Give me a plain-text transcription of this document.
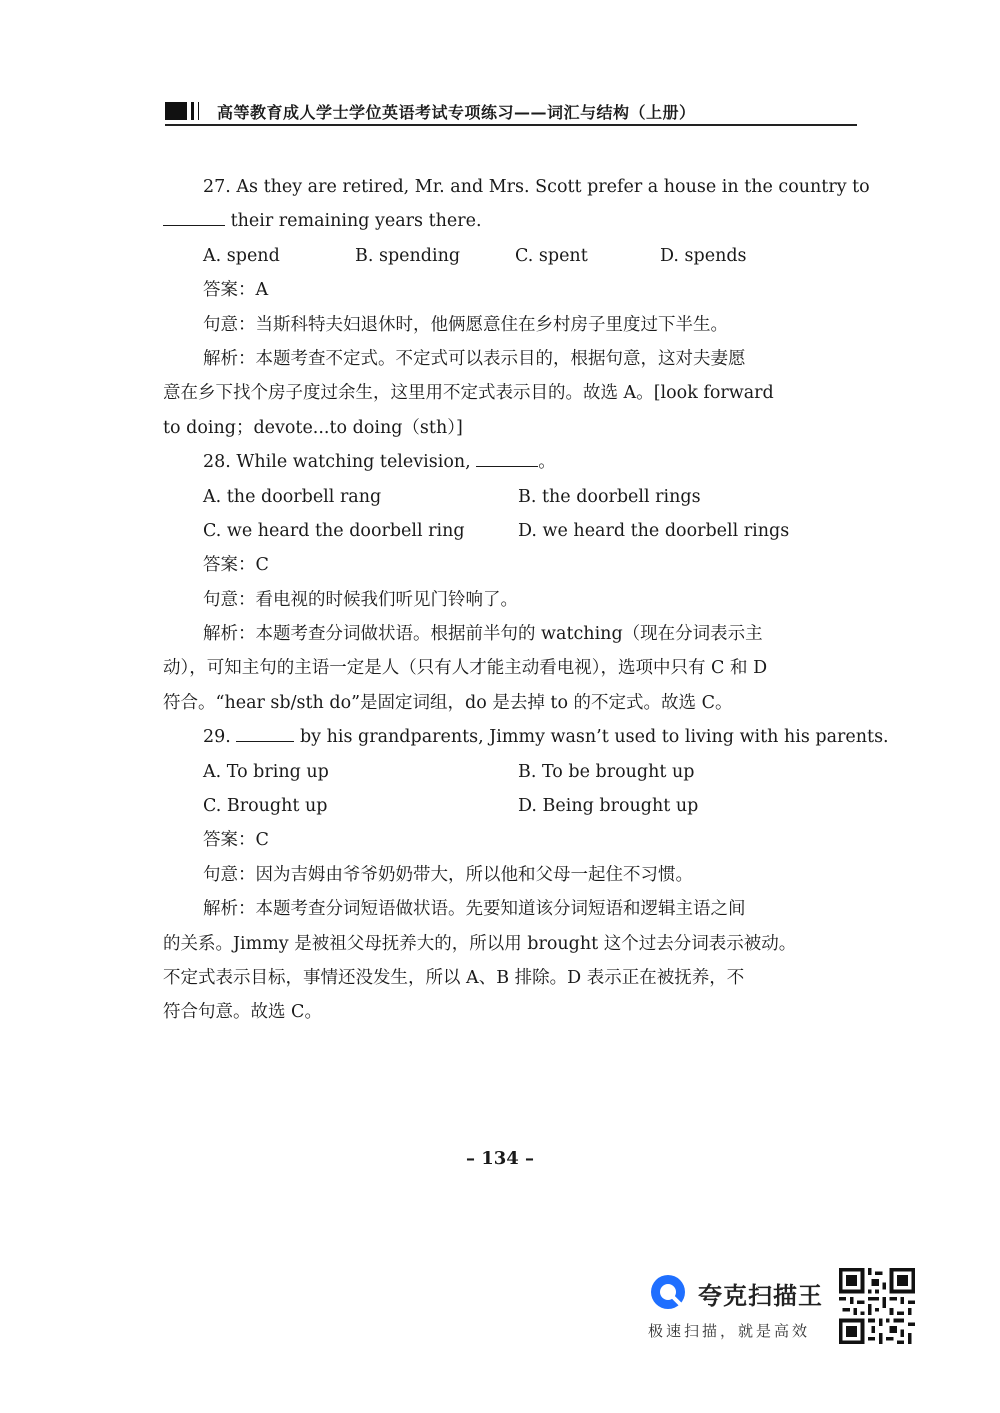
高等教育成人学士学位英语考试专项练习——词汇与结构（上册）
27. As they are retired, Mr. and Mrs. Scott prefer a house in the country to
their remaining years there.
A. spend	B. spending	C. spent	D. spends
答案：A
句意：当斯科特夫妇退休时，他俩愿意住在乡村房子里度过下半生。
解析：本题考查不定式。不定式可以表示目的，根据句意，这对夫妻愿
意在乡下找个房子度过余生，这里用不定式表示目的。故选 A。[look forward
to doing；devote...to doing（sth）]
28. While watching television,	。
A. the doorbell rang	B. the doorbell rings
C. we heard the doorbell ring	D. we heard the doorbell rings
答案：C
句意：看电视的时候我们听见门铃响了。
解析：本题考查分词做状语。根据前半句的 watching（现在分词表示主
动），可知主句的主语一定是人（只有人才能主动看电视），选项中只有 C 和 D
符合。“hear sb/sth do”是固定词组，do 是去掉 to 的不定式。故选 C。
29.	by his grandparents, Jimmy wasn’t used to living with his parents.
A. To bring up	B. To be brought up
C. Brought up	D. Being brought up
答案：C
句意：因为吉姆由爷爷奶奶带大，所以他和父母一起住不习惯。
解析：本题考查分词短语做状语。先要知道该分词短语和逻辑主语之间
的关系。Jimmy 是被祖父母抚养大的，所以用 brought 这个过去分词表示被动。
不定式表示目标，事情还没发生，所以 A、B 排除。D 表示正在被抚养，不
符合句意。故选 C。
– 134 –
夸克扫描王
极速扫描，就是高效
